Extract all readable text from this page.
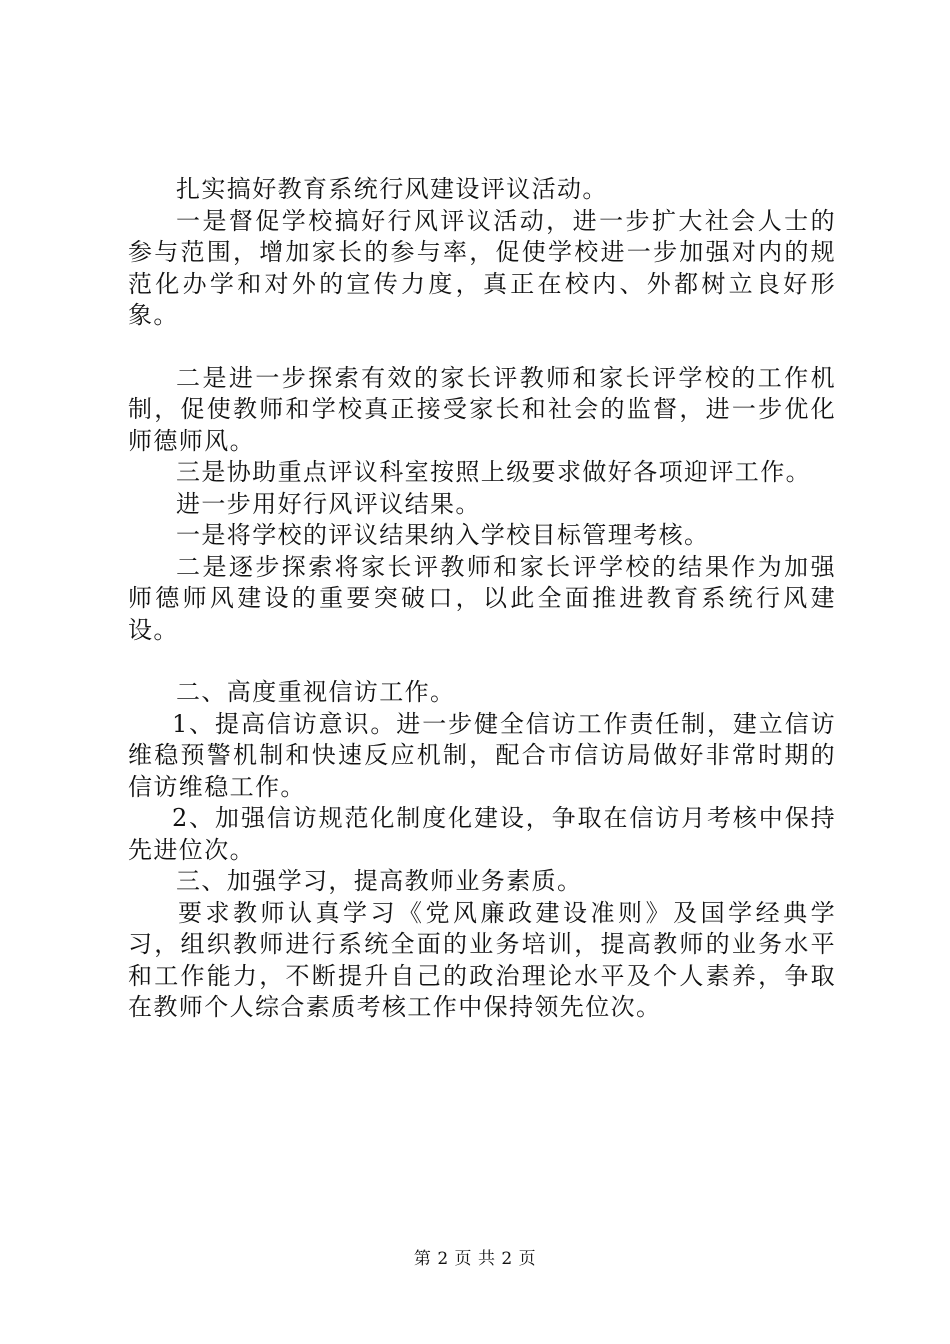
扎实搞好教育系统行风建设评议活动。

一是督促学校搞好行风评议活动，进一步扩大社会人士的参与范围，增加家长的参与率，促使学校进一步加强对内的规范化办学和对外的宣传力度，真正在校内、外都树立良好形象。

二是进一步探索有效的家长评教师和家长评学校的工作机制，促使教师和学校真正接受家长和社会的监督，进一步优化师德师风。

三是协助重点评议科室按照上级要求做好各项迎评工作。

进一步用好行风评议结果。

一是将学校的评议结果纳入学校目标管理考核。

二是逐步探索将家长评教师和家长评学校的结果作为加强师德师风建设的重要突破口，以此全面推进教育系统行风建设。

二、高度重视信访工作。

1、提高信访意识。进一步健全信访工作责任制，建立信访维稳预警机制和快速反应机制，配合市信访局做好非常时期的信访维稳工作。

2、加强信访规范化制度化建设，争取在信访月考核中保持先进位次。

三、加强学习，提高教师业务素质。

要求教师认真学习《党风廉政建设准则》及国学经典学习，组织教师进行系统全面的业务培训，提高教师的业务水平和工作能力，不断提升自己的政治理论水平及个人素养，争取在教师个人综合素质考核工作中保持领先位次。

第 2 页 共 2 页
